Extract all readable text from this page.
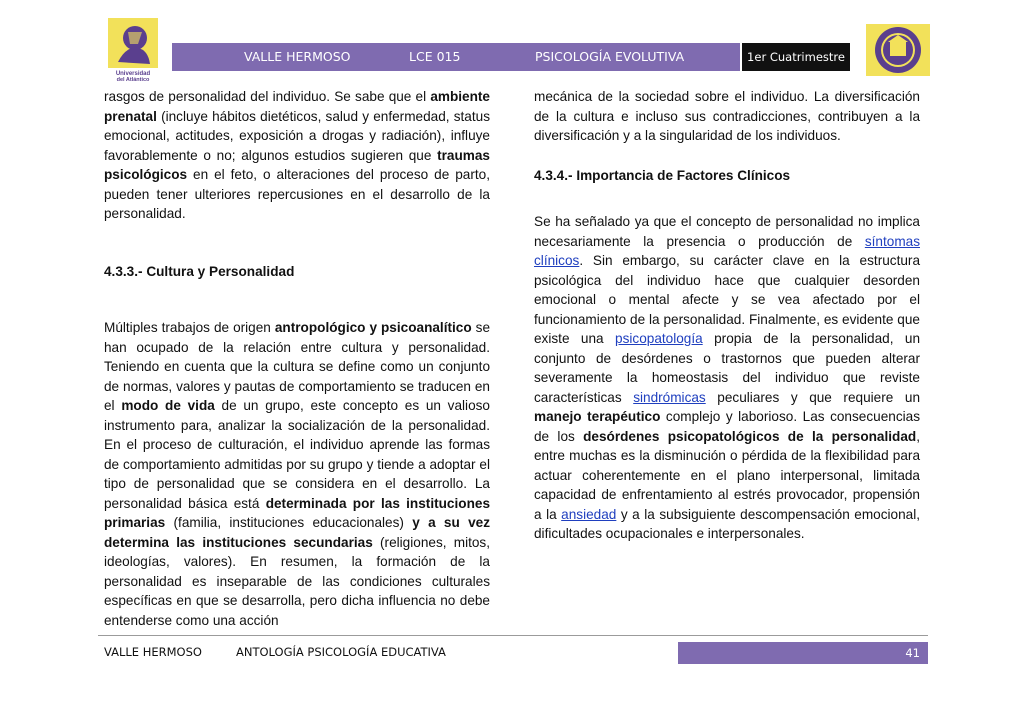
Universidad
del Atlántico
VALLE HERMOSO	LCE 015	PSICOLOGÍA EVOLUTIVA	1er Cuatrimestre

rasgos de personalidad del individuo. Se sabe que el ambiente prenatal (incluye hábitos dietéticos, salud y enfermedad, status emocional, actitudes, exposición a drogas y radiación), influye favorablemente o no; algunos estudios sugieren que traumas psicológicos en el feto, o alteraciones del proceso de parto, pueden tener ulteriores repercusiones en el desarrollo de la personalidad.

4.3.3.- Cultura y Personalidad

Múltiples trabajos de origen antropológico y psicoanalítico se han ocupado de la relación entre cultura y personalidad. Teniendo en cuenta que la cultura se define como un conjunto de normas, valores y pautas de comportamiento se traducen en el modo de vida de un grupo, este concepto es un valioso instrumento para, analizar la socialización de la personalidad. En el proceso de culturación, el individuo aprende las formas de comportamiento admitidas por su grupo y tiende a adoptar el tipo de personalidad que se considera en el desarrollo. La personalidad básica está determinada por las instituciones primarias (familia, instituciones educacionales) y a su vez determina las instituciones secundarias (religiones, mitos, ideologías, valores). En resumen, la formación de la personalidad es inseparable de las condiciones culturales específicas en que se desarrolla, pero dicha influencia no debe entenderse como una acción

mecánica de la sociedad sobre el individuo. La diversificación de la cultura e incluso sus contradicciones, contribuyen a la diversificación y a la singularidad de los individuos.

4.3.4.- Importancia de Factores Clínicos

Se ha señalado ya que el concepto de personalidad no implica necesariamente la presencia o producción de síntomas clínicos. Sin embargo, su carácter clave en la estructura psicológica del individuo hace que cualquier desorden emocional o mental afecte y se vea afectado por el funcionamiento de la personalidad. Finalmente, es evidente que existe una psicopatología propia de la personalidad, un conjunto de desórdenes o trastornos que pueden alterar severamente la homeostasis del individuo que reviste características sindrómicas peculiares y que requiere un manejo terapéutico complejo y laborioso. Las consecuencias de los desórdenes psicopatológicos de la personalidad, entre muchas es la disminución o pérdida de la flexibilidad para actuar coherentemente en el plano interpersonal, limitada capacidad de enfrentamiento al estrés provocador, propensión a la ansiedad y a la subsiguiente descompensación emocional, dificultades ocupacionales e interpersonales.

VALLE HERMOSO	ANTOLOGÍA PSICOLOGÍA EDUCATIVA	41
